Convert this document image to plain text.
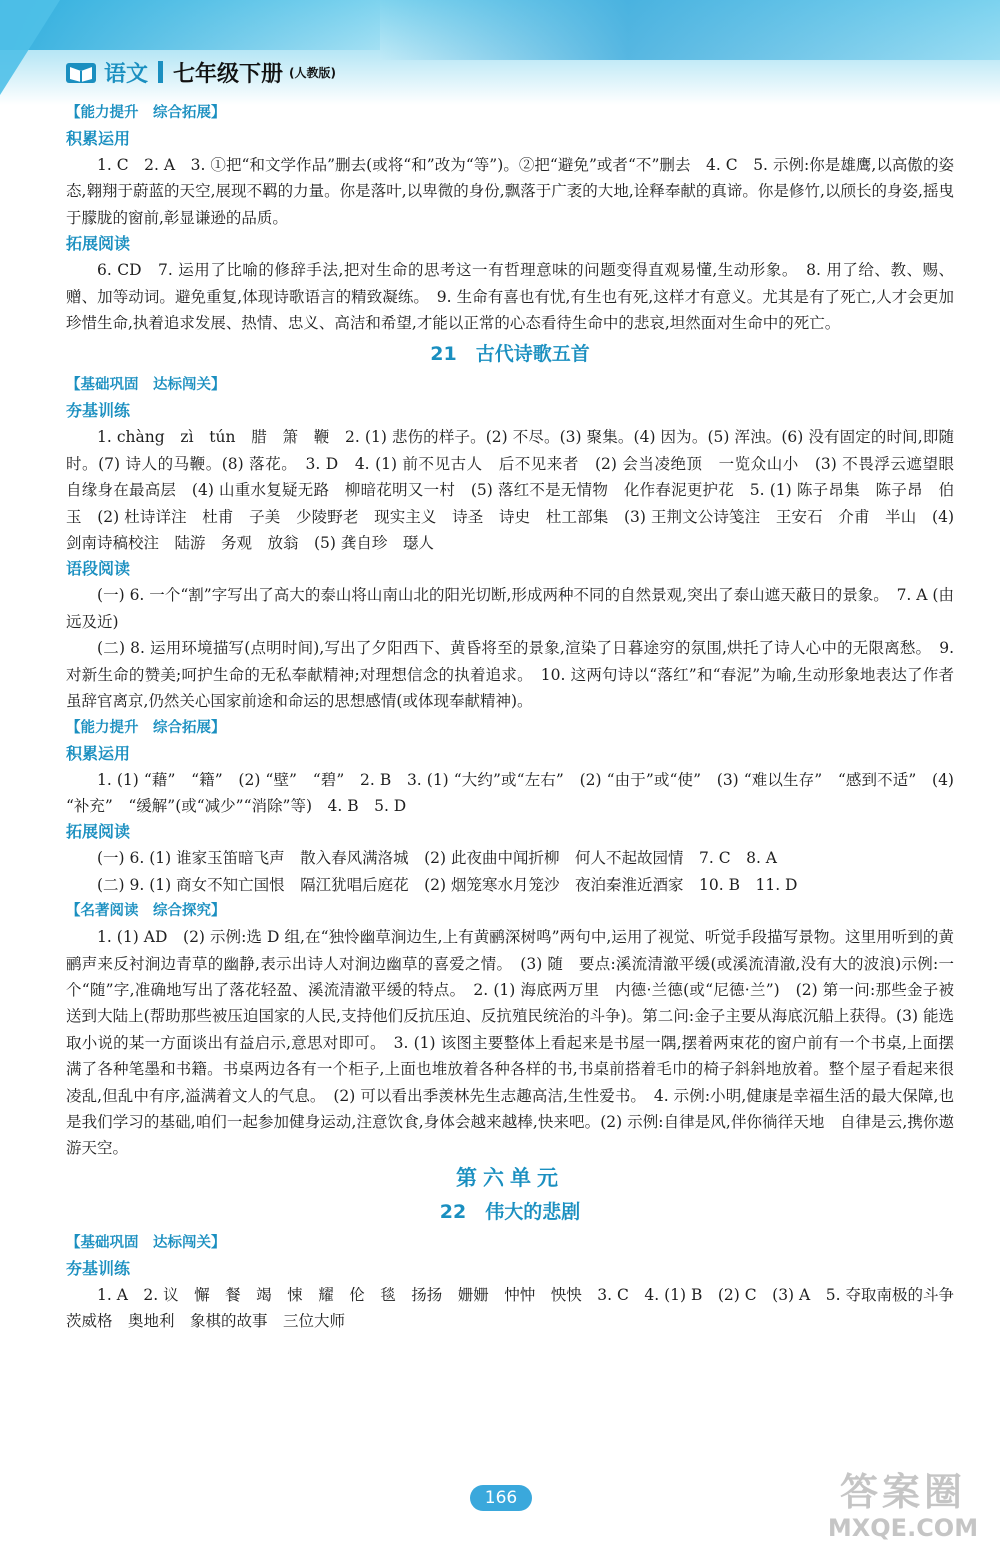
语文 七年级下册 (人教版)
【能力提升　综合拓展】
积累运用

1. C　2. A　3. ①把“和文学作品”删去(或将“和”改为“等”)。②把“避免”或者“不”删去　4. C　5. 示例:你是雄鹰,以高傲的姿态,翱翔于蔚蓝的天空,展现不羁的力量。你是落叶,以卑微的身份,飘落于广袤的大地,诠释奉献的真谛。你是修竹,以颀长的身姿,摇曳于朦胧的窗前,彰显谦逊的品质。

拓展阅读

6. CD　7. 运用了比喻的修辞手法,把对生命的思考这一有哲理意味的问题变得直观易懂,生动形象。　8. 用了给、教、赐、赠、加等动词。避免重复,体现诗歌语言的精致凝练。　9. 生命有喜也有忧,有生也有死,这样才有意义。尤其是有了死亡,人才会更加珍惜生命,执着追求发展、热情、忠义、高洁和希望,才能以正常的心态看待生命中的悲哀,坦然面对生命中的死亡。

21　古代诗歌五首
【基础巩固　达标闯关】
夯基训练

1. chàng　zì　tún　腊　箫　鞭　2. (1) 悲伤的样子。(2) 不尽。(3) 聚集。(4) 因为。(5) 浑浊。(6) 没有固定的时间,即随时。(7) 诗人的马鞭。(8) 落花。　3. D　4. (1) 前不见古人　后不见来者　(2) 会当凌绝顶　一览众山小　(3) 不畏浮云遮望眼　自缘身在最高层　(4) 山重水复疑无路　柳暗花明又一村　(5) 落红不是无情物　化作春泥更护花　5. (1) 陈子昂集　陈子昂　伯玉　(2) 杜诗详注　杜甫　子美　少陵野老　现实主义　诗圣　诗史　杜工部集　(3) 王荆文公诗笺注　王安石　介甫　半山　(4) 剑南诗稿校注　陆游　务观　放翁　(5) 龚自珍　璱人

语段阅读

(一) 6. 一个“割”字写出了高大的泰山将山南山北的阳光切断,形成两种不同的自然景观,突出了泰山遮天蔽日的景象。　7. A (由远及近)

(二) 8. 运用环境描写(点明时间),写出了夕阳西下、黄昏将至的景象,渲染了日暮途穷的氛围,烘托了诗人心中的无限离愁。　9. 对新生命的赞美;呵护生命的无私奉献精神;对理想信念的执着追求。　10. 这两句诗以“落红”和“春泥”为喻,生动形象地表达了作者虽辞官离京,仍然关心国家前途和命运的思想感情(或体现奉献精神)。

【能力提升　综合拓展】
积累运用

1. (1) “藉”　“籍”　(2) “壁”　“碧”　2. B　3. (1) “大约”或“左右”　(2) “由于”或“使”　(3) “难以生存”　“感到不适”　(4) “补充”　“缓解”(或“减少”“消除”等)　4. B　5. D

拓展阅读

(一) 6. (1) 谁家玉笛暗飞声　散入春风满洛城　(2) 此夜曲中闻折柳　何人不起故园情　7. C　8. A

(二) 9. (1) 商女不知亡国恨　隔江犹唱后庭花　(2) 烟笼寒水月笼沙　夜泊秦淮近酒家　10. B　11. D

【名著阅读　综合探究】

1. (1) AD　(2) 示例:选 D 组,在“独怜幽草涧边生,上有黄鹂深树鸣”两句中,运用了视觉、听觉手段描写景物。这里用听到的黄鹂声来反衬涧边青草的幽静,表示出诗人对涧边幽草的喜爱之情。　(3) 随　要点:溪流清澈平缓(或溪流清澈,没有大的波浪)示例:一个“随”字,准确地写出了落花轻盈、溪流清澈平缓的特点。　2. (1) 海底两万里　内德·兰德(或“尼德·兰”)　(2) 第一问:那些金子被送到大陆上(帮助那些被压迫国家的人民,支持他们反抗压迫、反抗殖民统治的斗争)。第二问:金子主要从海底沉船上获得。(3) 能选取小说的某一方面谈出有益启示,意思对即可。　3. (1) 该图主要整体上看起来是书屋一隅,摆着两束花的窗户前有一个书桌,上面摆满了各种笔墨和书籍。书桌两边各有一个柜子,上面也堆放着各种各样的书,书桌前搭着毛巾的椅子斜斜地放着。整个屋子看起来很凌乱,但乱中有序,溢满着文人的气息。　(2) 可以看出季羡林先生志趣高洁,生性爱书。　4. 示例:小明,健康是幸福生活的最大保障,也是我们学习的基础,咱们一起参加健身运动,注意饮食,身体会越来越棒,快来吧。(2) 示例:自律是风,伴你徜徉天地　自律是云,携你遨游天空。

第六单元
22　伟大的悲剧
【基础巩固　达标闯关】
夯基训练

1. A　2. 议　懈　餐　竭　悚　耀　伦　毯　扬扬　姗姗　忡忡　怏怏　3. C　4. (1) B　(2) C　(3) A　5. 夺取南极的斗争　茨威格　奥地利　象棋的故事　三位大师

166	答案圈
MXQE.COM
